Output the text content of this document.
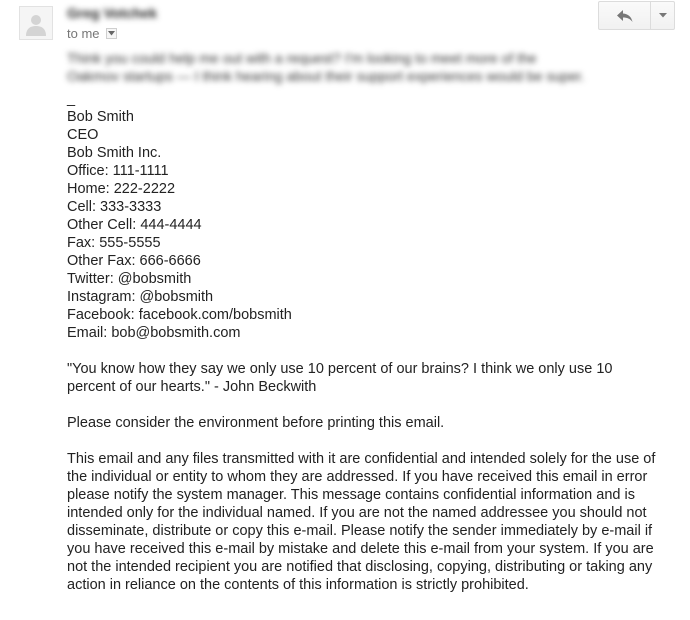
Greg Votchek
to me
Think you could help me out with a request? I'm looking to meet more of the
Oakmov startups — I think hearing about their support experiences would be super.
_
Bob Smith
CEO
Bob Smith Inc.
Office: 111-1111
Home: 222-2222
Cell: 333-3333
Other Cell: 444-4444
Fax: 555-5555
Other Fax: 666-6666
Twitter: @bobsmith
Instagram: @bobsmith
Facebook: facebook.com/bobsmith
Email: bob@bobsmith.com

"You know how they say we only use 10 percent of our brains? I think we only use 10 percent of our hearts." - John Beckwith

Please consider the environment before printing this email.

This email and any files transmitted with it are confidential and intended solely for the use of the individual or entity to whom they are addressed. If you have received this email in error please notify the system manager. This message contains confidential information and is intended only for the individual named. If you are not the named addressee you should not disseminate, distribute or copy this e-mail. Please notify the sender immediately by e-mail if you have received this e-mail by mistake and delete this e-mail from your system. If you are not the intended recipient you are notified that disclosing, copying, distributing or taking any action in reliance on the contents of this information is strictly prohibited.
